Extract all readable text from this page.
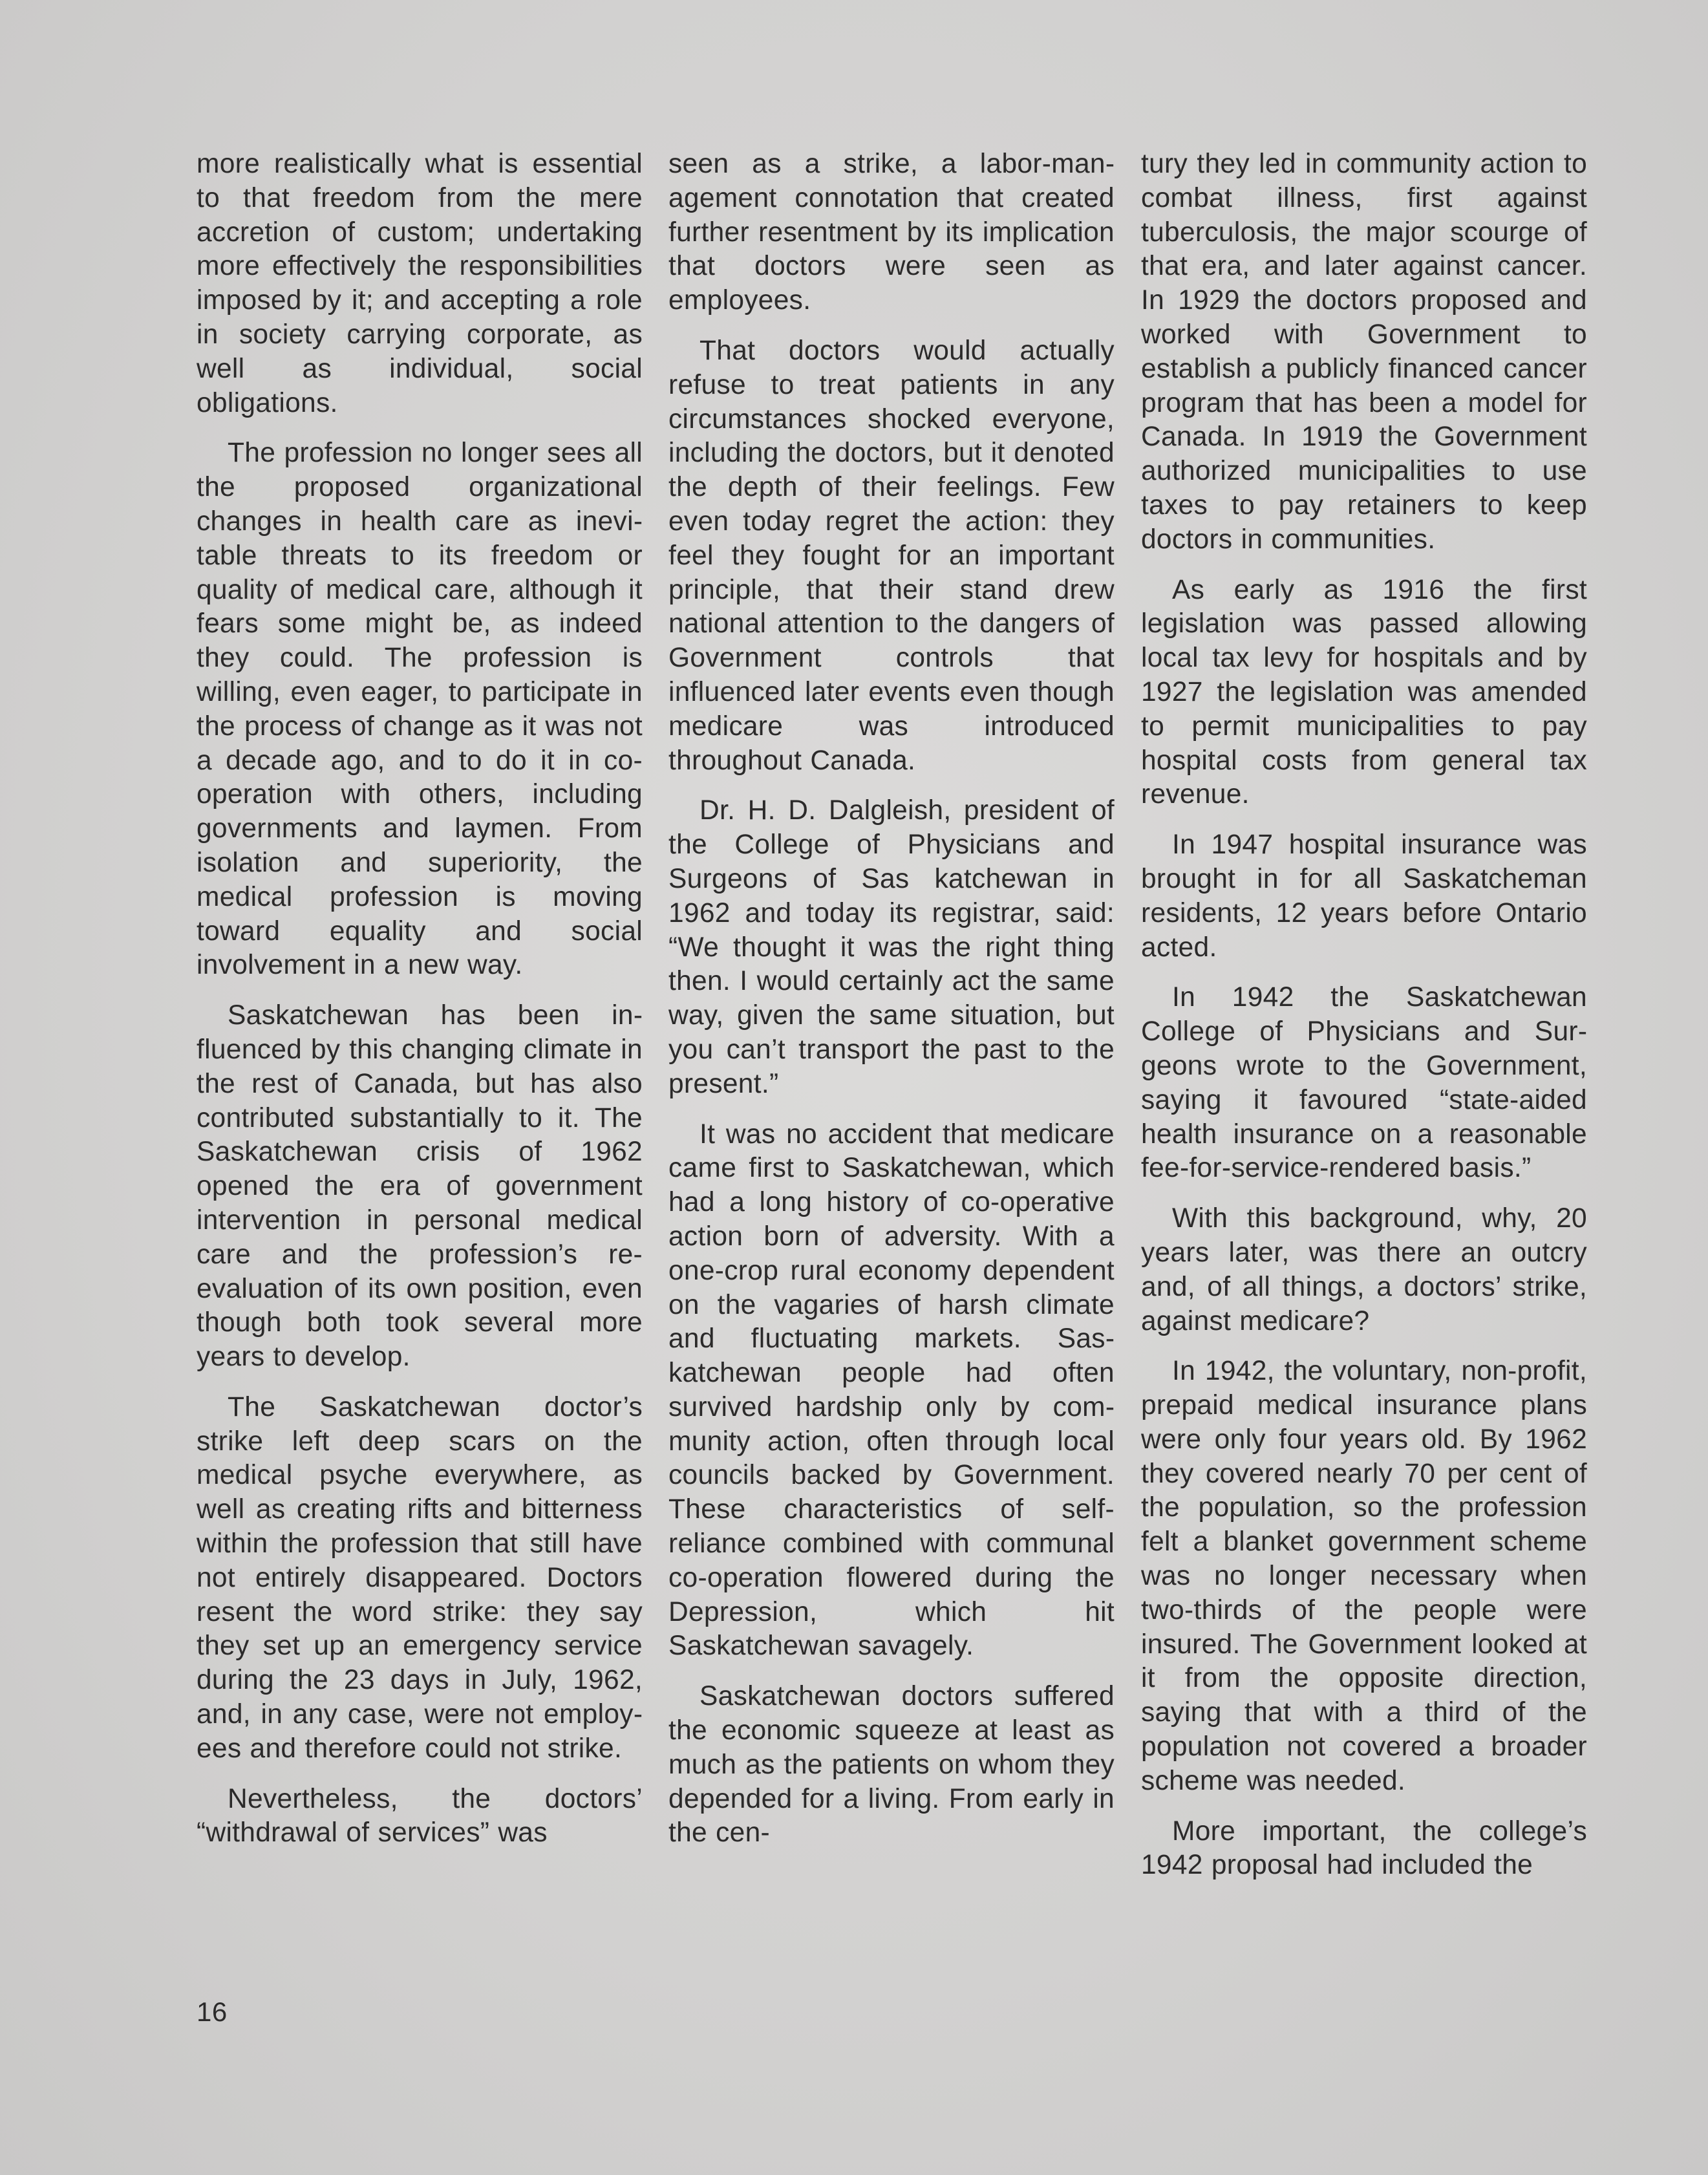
more realistically what is essential to that freedom from the mere accretion of custom; undertaking more effectively the responsibilities imposed by it; and accepting a role in society carrying corporate, as well as individual, social obligations.

The profession no longer sees all the proposed organizational changes in health care as inevitable threats to its freedom or quality of medical care, although it fears some might be, as indeed they could. The profession is willing, even eager, to participate in the process of change as it was not a decade ago, and to do it in co-operation with others, including governments and laymen. From isolation and superiority, the medical profession is moving toward equality and social involvement in a new way.

Saskatchewan has been influenced by this changing climate in the rest of Canada, but has also contributed substantially to it. The Saskatchewan crisis of 1962 opened the era of government intervention in personal medical care and the profession’s re-evaluation of its own position, even though both took several more years to develop.

The Saskatchewan doctor’s strike left deep scars on the medical psyche everywhere, as well as creating rifts and bitterness within the profession that still have not entirely disappeared. Doctors resent the word strike: they say they set up an emergency service during the 23 days in July, 1962, and, in any case, were not employees and therefore could not strike.

Nevertheless, the doctors’ “withdrawal of services” was

seen as a strike, a labor-management connotation that created further resentment by its implication that doctors were seen as employees.

That doctors would actually refuse to treat patients in any circumstances shocked everyone, including the doctors, but it denoted the depth of their feelings. Few even today regret the action: they feel they fought for an important principle, that their stand drew national attention to the dangers of Government controls that influenced later events even though medicare was introduced throughout Canada.

Dr. H. D. Dalgleish, president of the College of Physicians and Surgeons of Sas katchewan in 1962 and today its registrar, said: “We thought it was the right thing then. I would certainly act the same way, given the same situation, but you can’t transport the past to the present.”

It was no accident that medicare came first to Saskatchewan, which had a long history of co-operative action born of adversity. With a one-crop rural economy dependent on the vagaries of harsh climate and fluctuating markets. Saskatchewan people had often survived hardship only by community action, often through local councils backed by Government. These characteristics of self-reliance combined with communal co-operation flowered during the Depression, which hit Saskatchewan savagely.

Saskatchewan doctors suffered the economic squeeze at least as much as the patients on whom they depended for a living. From early in the cen-

tury they led in community action to combat illness, first against tuberculosis, the major scourge of that era, and later against cancer. In 1929 the doctors proposed and worked with Government to establish a publicly financed cancer program that has been a model for Canada. In 1919 the Government authorized municipalities to use taxes to pay retainers to keep doctors in communities.

As early as 1916 the first legislation was passed allowing local tax levy for hospitals and by 1927 the legislation was amended to permit municipalities to pay hospital costs from general tax revenue.

In 1947 hospital insurance was brought in for all Saskatcheman residents, 12 years before Ontario acted.

In 1942 the Saskatchewan College of Physicians and Surgeons wrote to the Government, saying it favoured “state-aided health insurance on a reasonable fee-for-service-rendered basis.”

With this background, why, 20 years later, was there an outcry and, of all things, a doctors’ strike, against medicare?

In 1942, the voluntary, non-profit, prepaid medical insurance plans were only four years old. By 1962 they covered nearly 70 per cent of the population, so the profession felt a blanket government scheme was no longer necessary when two-thirds of the people were insured. The Government looked at it from the opposite direction, saying that with a third of the population not covered a broader scheme was needed.

More important, the college’s 1942 proposal had included the

16
